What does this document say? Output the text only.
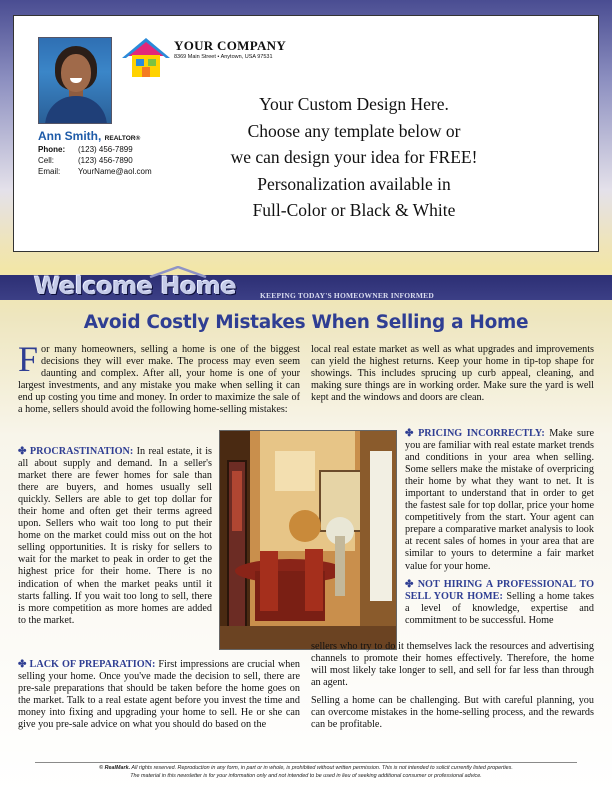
YOUR COMPANY
8369 Main Street • Anytown, USA 97531
Ann Smith, REALTOR®
Phone:	(123) 456-7899
Cell:	(123) 456-7890
Email:	YourName@aol.com
Your Custom Design Here.
Choose any template below or
we can design your idea for FREE!
Personalization available in
Full-Color or Black & White
Welcome Home	KEEPING TODAY'S HOMEOWNER INFORMED
Avoid Costly Mistakes When Selling a Home
For many homeowners, selling a home is one of the biggest decisions they will ever make. The process may even seem daunting and complex. After all, your home is one of your largest investments, and any mistake you make when selling it can end up costing you time and money. In order to maximize the sale of a home, sellers should avoid the following home-selling mistakes:
local real estate market as well as what upgrades and improvements can yield the highest returns. Keep your home in tip-top shape for showings. This includes sprucing up curb appeal, cleaning, and making sure things are in working order. Make sure the yard is well kept and the windows and doors are clean.
✤ PROCRASTINATION: In real estate, it is all about supply and demand. In a seller's market there are fewer homes for sale than there are buyers, and homes usually sell quickly. Sellers are able to get top dollar for their home and often get their terms agreed upon. Sellers who wait too long to put their home on the market could miss out on the hot selling opportunities. It is risky for sellers to wait for the market to peak in order to get the highest price for their home. There is no indication of when the market peaks until it starts falling. If you wait too long to sell, there is more competition as more homes are added to the market.
✤ PRICING INCORRECTLY: Make sure you are familiar with real estate market trends and conditions in your area when selling. Some sellers make the mistake of overpricing their home by what they want to net. It is important to understand that in order to get the fastest sale for top dollar, price your home competitively from the start. Your agent can prepare a comparative market analysis to look at recent sales of homes in your area that are similar to yours to determine a fair market value for your home.
✤ NOT HIRING A PROFESSIONAL TO SELL YOUR HOME: Selling a home takes a level of knowledge, expertise and commitment to be successful. Home
✤ LACK OF PREPARATION: First impressions are crucial when selling your home. Once you've made the decision to sell, there are pre-sale preparations that should be taken before the home goes on the market. Talk to a real estate agent before you invest the time and money into fixing and upgrading your home to sell. He or she can give you pre-sale advice on what you should do based on the
sellers who try to do it themselves lack the resources and advertising channels to promote their homes effectively. Therefore, the home will most likely take longer to sell, and sell for far less than through an agent.
Selling a home can be challenging. But with careful planning, you can overcome mistakes in the home-selling process, and the rewards can be profitable.
© RealMark. All rights reserved. Reproduction in any form, in part or in whole, is prohibited without written permission. This is not intended to solicit currently listed properties.
The material in this newsletter is for your information only and not intended to be used in lieu of seeking additional consumer or professional advice.
